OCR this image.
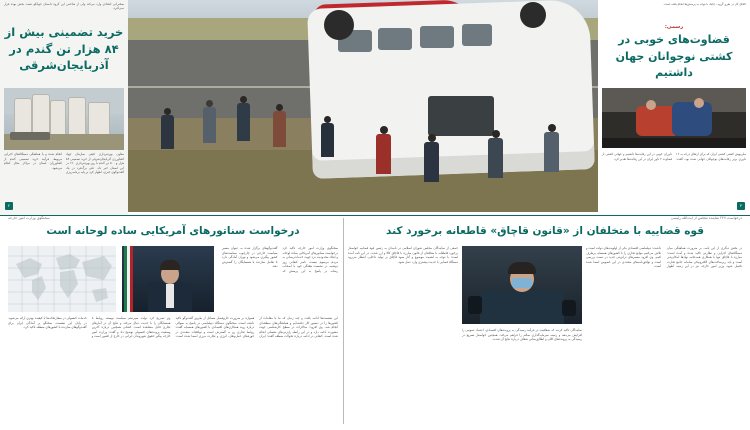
سخنرانی انتقادی وارد می‌کند ولی از شاخص این گروه داستان جوابگو تست بخش بوده قرار نمی‌گیرد.
خرید تضمینی بیش از ۸۴ هزار تن گندم در آذربایجان‌شرقی
معاون بهره‌برداری کیفی سازمان جهاد کشاورزی آذربایجان‌شرقی از خرید تضمینی ۸۴ هزار و ۵۰۰ تن گندم با روز بهره‌برداری ۱۲۰ در این استان خبر داد. علی برگ‌فرد در یک گفت‌وگوی خبری، اظهار کرد بر پایه برنامه‌ریزی انجام شده و با هماهنگی دستگاه‌های اجرایی مربوط، فرآیند خرید تضمینی گندم از کشاورزان استان در مراکز مجاز انجام می‌شود.
۲
الحاق کار در طرح گروه ـ چابک با توجه به پرسش‌ها انجام یافته است.
رسمی:
قضاوت‌های خوبی در کشتی نوجوانان جهان داشتیم
ملی‌پوش کشتی کشتی ایران که برای ارتقای درجه به ۱۶ داوری برتر رقابت‌های نوجوانان جهانی شده بود، گفت: داوران خوبی در این رقابت‌ها داشتیم و جهانی کشتی از قضاوت ۲ داور ایران در این رقابت‌ها تقدیر کرد.
۳
سخنگوی وزارت امور خارجه
درخواست سناتورهای آمریکایی ساده لوحانه است
سخنگوی وزارت امور خارجه تاکید کرد درخواست سناتورهای آمریکایی ساده لوحانه و ایجاد محدودیت نزد جهت خدمات‌رسانی به مردم مرسوم نیست. ناصر کنعانی روز دوشنبه در نشست هفتگی خود با اصحاب رسانه در پاسخ به این پرسش که گفت‌وگوهای برگزار شده به عنوان مسیر سیاست خارجی در چارچوب سیاست‌های کشور پیگیری می‌شود و تهران آمادگی دارد تا تعامل سازنده با همسایگان را گسترش دهد.
این نشست‌ها ادامه یافت و چند زمان که ما با مقامات از کشورها را در دستور کار داشته‌ایم و هماهنگی‌های منطقه‌ای انجام شد. وی افزود: مذاکرات در سطح کارشناسی جهت مشورت ادامه دارد و در این رابطه رایزنی‌های مفصلی انجام شده است. کنعانی در ادامه درباره تحولات منطقه گفت: ایران همواره بر ضرورت حل‌وفصل مسائل از طریق گفت‌وگو تاکید داشته است. سخنگوی دستگاه دیپلماسی در پاسخ به سوالی درباره روند همکاری‌های اقتصادی با کشورهای همسایه گفت: روابط تجاری رو به گسترش است و توافقات متعددی در حوزه‌های حمل‌ونقل، انرژی و تجارت مرزی امضا شده است. وی تصریح کرد دولت سیزدهم سیاست توسعه روابط با همسایگان را با جدیت دنبال می‌کند و نتایج آن در آمارهای تجاری قابل مشاهده است. کنعانی همچنین درباره آخرین وضعیت پرونده‌های کنسولی توضیح داد و گفت: وزارت امور خارجه پیگیر حقوق شهروندان ایرانی در خارج از کشور است و خدمات کنسولی در سفارتخانه‌ها با کیفیت بهتری ارائه می‌شود. در پایان این نشست، سخنگو بر آمادگی ایران برای گفت‌وگوهای سازنده با کشورهای منطقه تاکید کرد.
درخواست ۲۲۷ نماینده مجلس از آیت‌الله رئیسی
قوه قضاییه با متخلفان از «قانون قاچاق» قاطعانه برخورد کند
جمعی از نمایندگان مجلس شورای اسلامی در نامه‌ای به رئیس قوه قضاییه خواستار برخورد قاطعانه با متخلفان از قانون مبارزه با قاچاق کالا و ارز شدند. در این نامه آمده است: با توجه به اهمیت موضوع و آثار سوء قاچاق بر تولید داخلی، انتظار می‌رود دستگاه قضایی با جدیت بیشتری وارد عمل شود.
نمایندگان تاکید کردند که شفافیت در فرآیند رسیدگی به پرونده‌های اقتصادی، اعتماد عمومی را افزایش می‌دهد و زمینه سرمایه‌گذاری سالم را فراهم می‌کند. همچنین خواستار تسریع در رسیدگی به پرونده‌های کلان و اطلاع‌رسانی شفاف درباره نتایج آن شدند.
در بخش دیگری از این نامه، بر ضرورت هماهنگی میان دستگاه‌های اجرایی و نظارتی تاکید شده و آمده است: مبارزه با قاچاق تنها با همکاری همه‌جانبه نهادها امکان‌پذیر است و باید زیرساخت‌های الکترونیکی سامانه جامع تجارت تکمیل شود. وزیر امور خارجه نیز در این زمینه اظهار داشت: دیپلماسی اقتصادی یکی از اولویت‌های دولت است و تلاش می‌کنیم موانع تجاری را با کشورهای همسایه برطرف کنیم. وی افزود مسیرهای ترانزیتی جدید در دست بررسی است و توافق‌نامه‌های متعددی در این خصوص امضا شده است.
